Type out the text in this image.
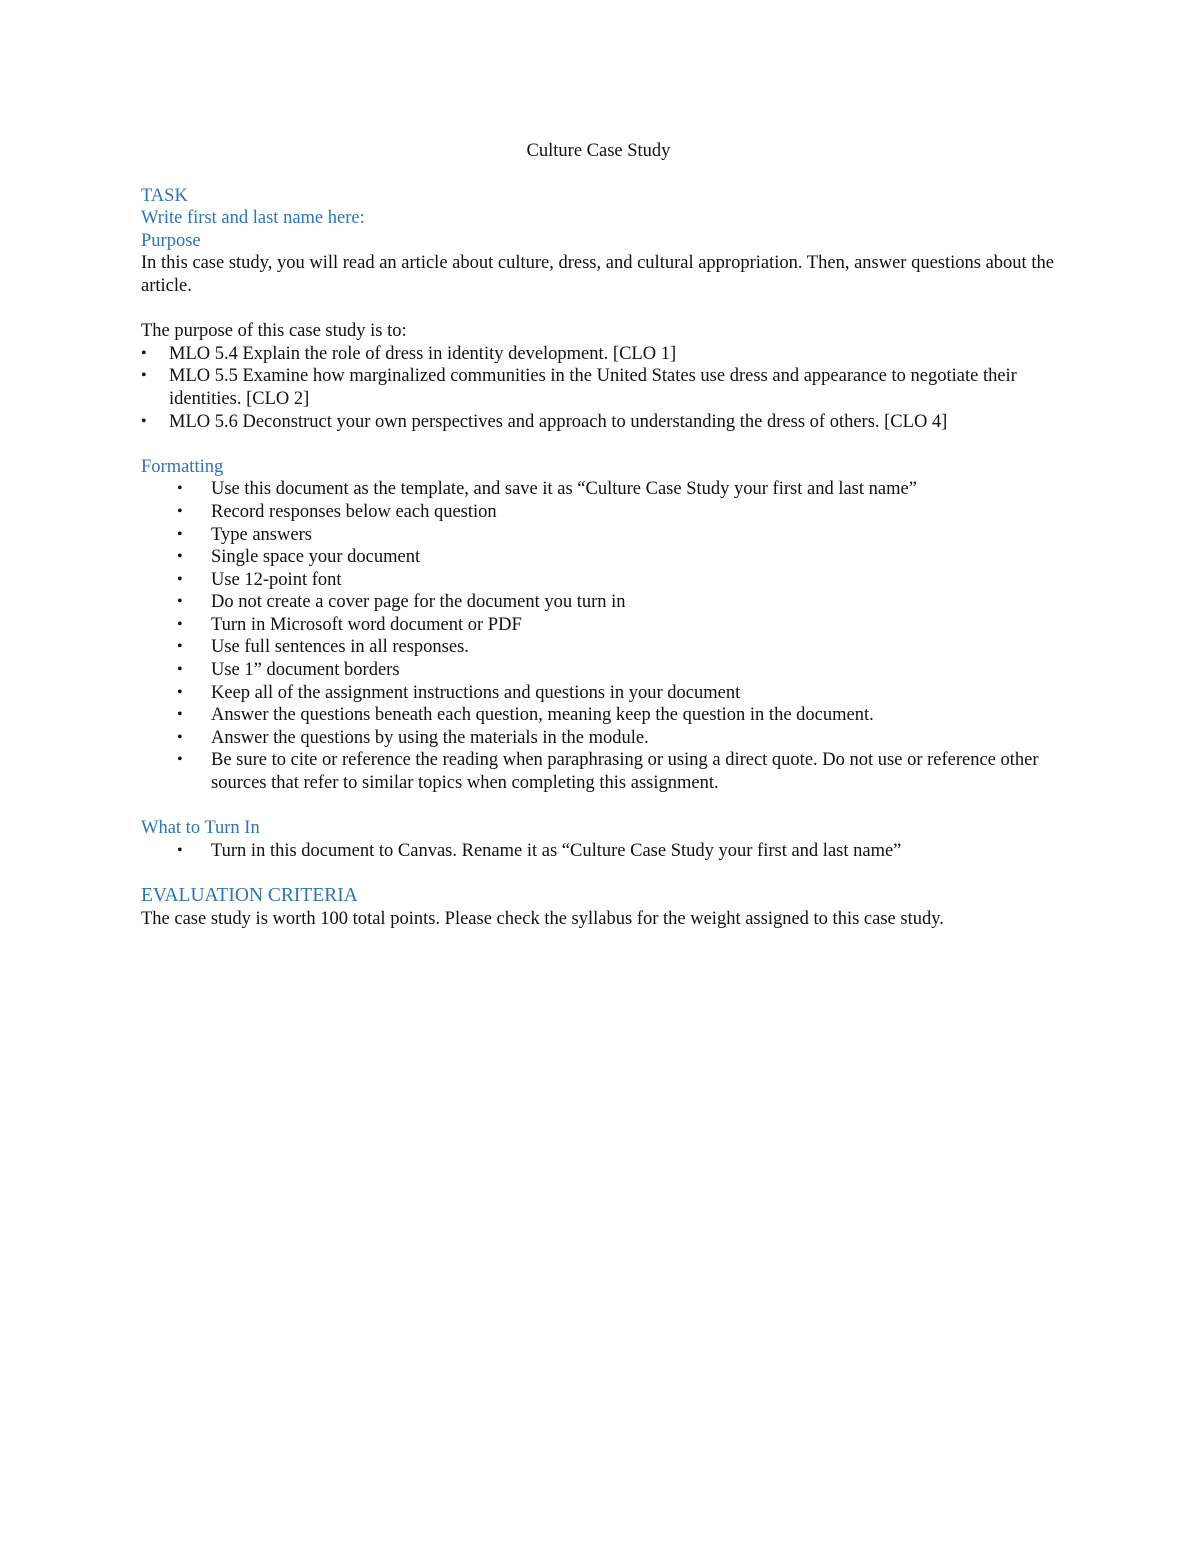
Culture Case Study
TASK
Write first and last name here:
Purpose

In this case study, you will read an article about culture, dress, and cultural appropriation. Then, answer questions about the article.

The purpose of this case study is to:

• MLO 5.4 Explain the role of dress in identity development. [CLO 1]
• MLO 5.5 Examine how marginalized communities in the United States use dress and appearance to negotiate their identities. [CLO 2]
• MLO 5.6 Deconstruct your own perspectives and approach to understanding the dress of others. [CLO 4]
Formatting
• Use this document as the template, and save it as “Culture Case Study your first and last name”
• Record responses below each question
• Type answers
• Single space your document
• Use 12-point font
• Do not create a cover page for the document you turn in
• Turn in Microsoft word document or PDF
• Use full sentences in all responses.
• Use 1” document borders
• Keep all of the assignment instructions and questions in your document
• Answer the questions beneath each question, meaning keep the question in the document.
• Answer the questions by using the materials in the module.
• Be sure to cite or reference the reading when paraphrasing or using a direct quote. Do not use or reference other sources that refer to similar topics when completing this assignment.
What to Turn In
• Turn in this document to Canvas. Rename it as “Culture Case Study your first and last name”
EVALUATION CRITERIA

The case study is worth 100 total points. Please check the syllabus for the weight assigned to this case study.
